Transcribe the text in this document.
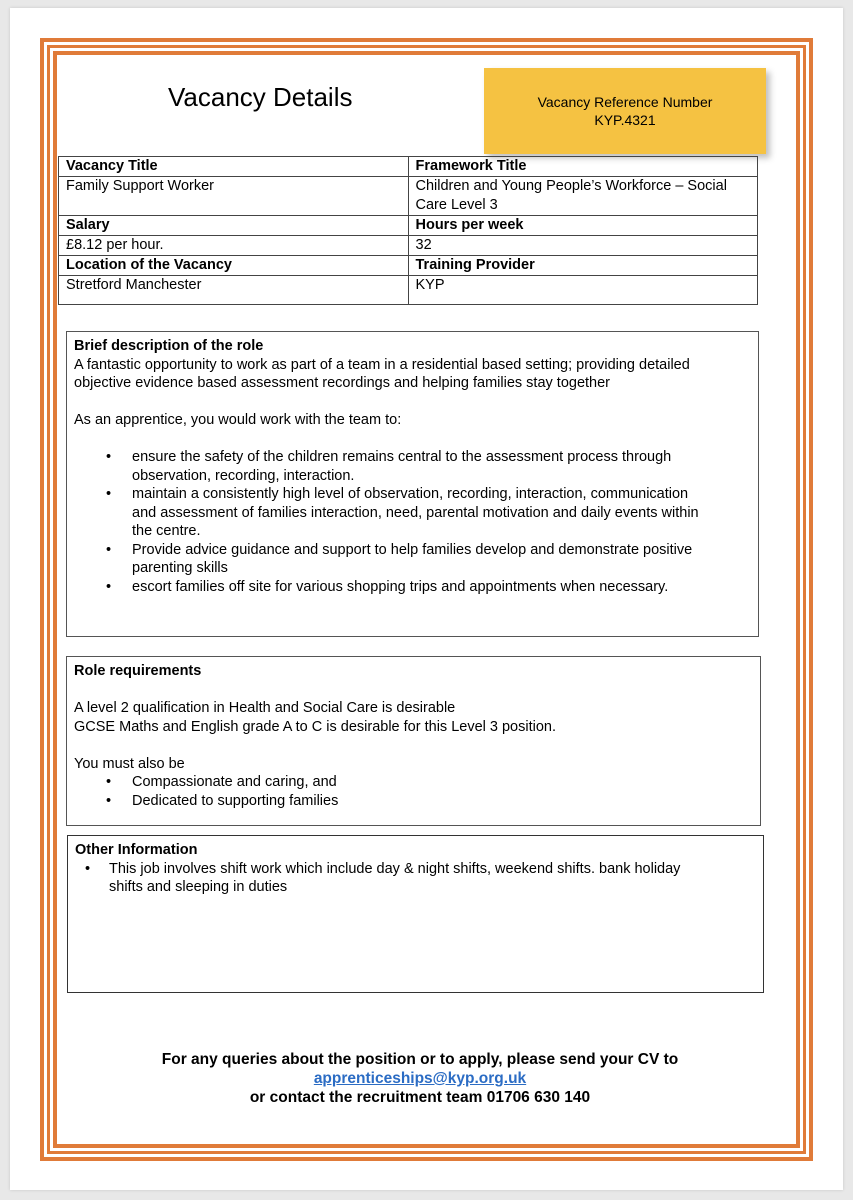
Vacancy Details	Vacancy Reference Number
KYP.4321
Vacancy Title	Framework Title
Family Support Worker	Children and Young People’s Workforce – Social
Care Level 3

Salary	Hours per week
£8.12 per hour.	32
Location of the Vacancy	Training Provider
Stretford Manchester	KYP
Brief description of the role

A fantastic opportunity to work as part of a team in a residential based setting; providing detailed

objective evidence based assessment recordings and helping families stay together

As an apprentice, you would work with the team to:

• ensure the safety of the children remains central to the assessment process through
observation, recording, interaction.
• maintain a consistently high level of observation, recording, interaction, communication
and assessment of families interaction, need, parental motivation and daily events within
the centre.
• Provide advice guidance and support to help families develop and demonstrate positive
parenting skills
• escort families off site for various shopping trips and appointments when necessary.
Role requirements

A level 2 qualification in Health and Social Care is desirable

GCSE Maths and English grade A to C is desirable for this Level 3 position.

You must also be

• Compassionate and caring, and
• Dedicated to supporting families
Other Information
• This job involves shift work which include day & night shifts, weekend shifts. bank holiday
shifts and sleeping in duties
For any queries about the position or to apply, please send your CV to
apprenticeships@kyp.org.uk
or contact the recruitment team 01706 630 140
